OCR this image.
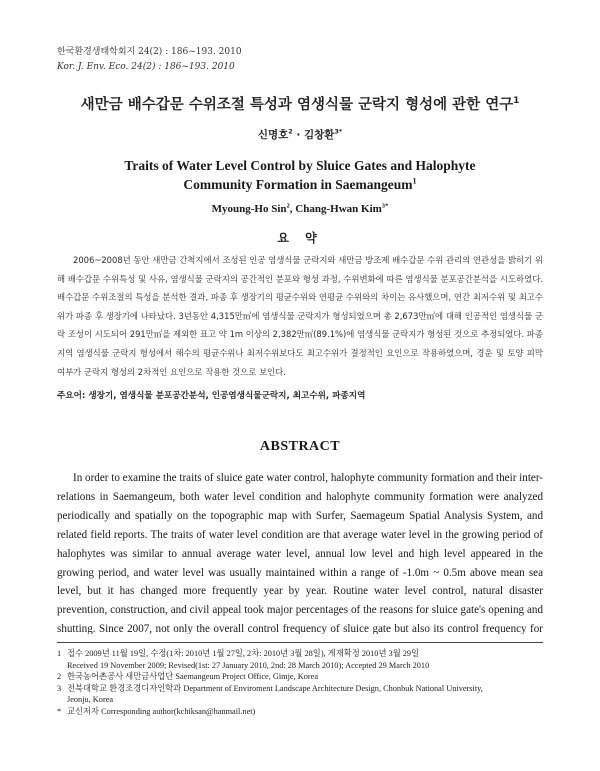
한국환경생태학회지 24(2) : 186~193. 2010
Kor. J. Env. Eco. 24(2) : 186~193. 2010
새만금 배수갑문 수위조절 특성과 염생식물 군락지 형성에 관한 연구$^1$
신명호$^2$ · 김창환$^{3*}$
Traits of Water Level Control by Sluice Gates and Halophyte
Community Formation in Saemangeum$^1$
Myoung-Ho Sin$^2$, Chang-Hwan Kim$^{3*}$
요 약

2006~2008년 동안 새만금 간척지에서 조성된 인공 염생식물 군락지와 새만금 방조제 배수갑문 수위 관리의 연관성을 밝히기 위해 배수갑문 수위특성 및 사유, 염생식물 군락지의 공간적인 분포와 형성 과정, 수위변화에 따른 염생식물 분포공간분석을 시도하였다. 배수갑문 수위조절의 특성을 분석한 결과, 파종 후 생장기의 평균수위와 연평균 수위와의 차이는 유사했으며, 연간 최저수위 및 최고수위가 파종 후 생장기에 나타났다. 3년동안 4,315만㎡에 염생식물 군락지가 형성되었으며 총 2,673만㎡에 대해 인공적인 염생식물 군락 조성이 시도되어 291만㎡을 제외한 표고 약 1m 이상의 2,382만㎡(89.1%)에 염생식물 군락지가 형성된 것으로 추정되었다. 파종지역 염생식물 군락지 형성에서 해수의 평균수위나 최저수위보다도 최고수위가 결정적인 요인으로 작용하였으며, 경운 및 토양 피막 여부가 군락지 형성의 2차적인 요인으로 작용한 것으로 보인다.

주요어: 생장기, 염생식물 분포공간분석, 인공염생식물군락지, 최고수위, 파종지역
ABSTRACT

In order to examine the traits of sluice gate water control, halophyte community formation and their inter-relations in Saemangeum, both water level condition and halophyte community formation were analyzed periodically and spatially on the topographic map with Surfer, Saemageum Spatial Analysis System, and related field reports. The traits of water level condition are that average water level in the growing period of halophytes was similar to annual average water level, annual low level and high level appeared in the growing period, and water level was usually maintained within a range of -1.0m ~ 0.5m above mean sea level, but it has changed more frequently year by year. Routine water level control, natural disaster prevention, construction, and civil appeal took major percentages of the reasons for sluice gate's opening and shutting. Since 2007, not only the overall control frequency of sluice gate but also its control frequency for

1 접수 2009년 11월 19일, 수정(1차: 2010년 1월 27일, 2차: 2010년 3월 28일), 게재확정 2010년 3월 29일
Received 19 November 2009; Revised(1st: 27 January 2010, 2nd: 28 March 2010); Accepted 29 March 2010
2 한국농어촌공사 새만금사업단 Saemangeum Project Office, Gimje, Korea
3 전북대학교 환경조경디자인학과 Department of Enviroment Landscape Architecture Design, Chonbuk National University,
Jeonju, Korea
* 교신저자 Corresponding author(kchiksan@hanmail.net)
